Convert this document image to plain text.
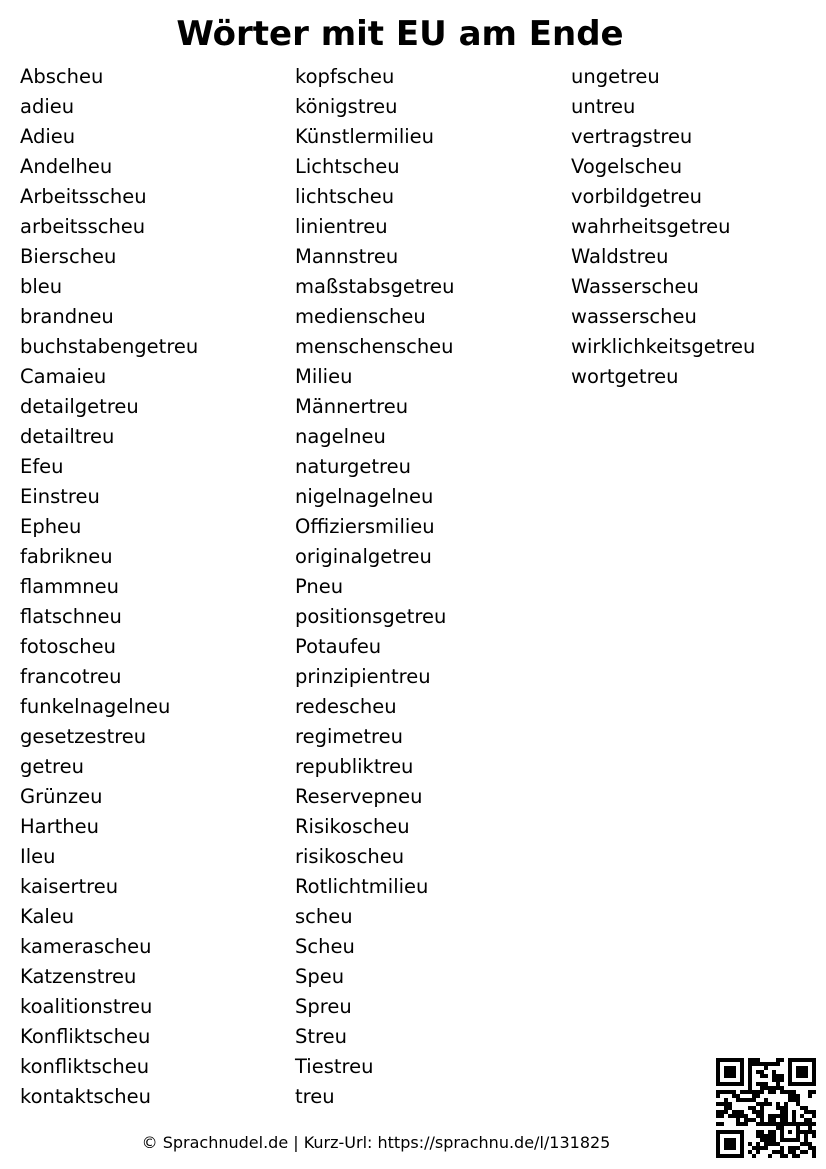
Wörter mit EU am Ende
Abscheu
adieu
Adieu
Andelheu
Arbeitsscheu
arbeitsscheu
Bierscheu
bleu
brandneu
buchstabengetreu
Camaieu
detailgetreu
detailtreu
Efeu
Einstreu
Epheu
fabrikneu
flammneu
flatschneu
fotoscheu
francotreu
funkelnagelneu
gesetzestreu
getreu
Grünzeu
Hartheu
Ileu
kaisertreu
Kaleu
kamerascheu
Katzenstreu
koalitionstreu
Konfliktscheu
konfliktscheu
kontaktscheu
kopfscheu
königstreu
Künstlermilieu
Lichtscheu
lichtscheu
linientreu
Mannstreu
maßstabsgetreu
medienscheu
menschenscheu
Milieu
Männertreu
nagelneu
naturgetreu
nigelnagelneu
Offiziersmilieu
originalgetreu
Pneu
positionsgetreu
Potaufeu
prinzipientreu
redescheu
regimetreu
republiktreu
Reservepneu
Risikoscheu
risikoscheu
Rotlichtmilieu
scheu
Scheu
Speu
Spreu
Streu
Tiestreu
treu
ungetreu
untreu
vertragstreu
Vogelscheu
vorbildgetreu
wahrheitsgetreu
Waldstreu
Wasserscheu
wasserscheu
wirklichkeitsgetreu
wortgetreu
© Sprachnudel.de | Kurz-Url: https://sprachnu.de/l/131825
